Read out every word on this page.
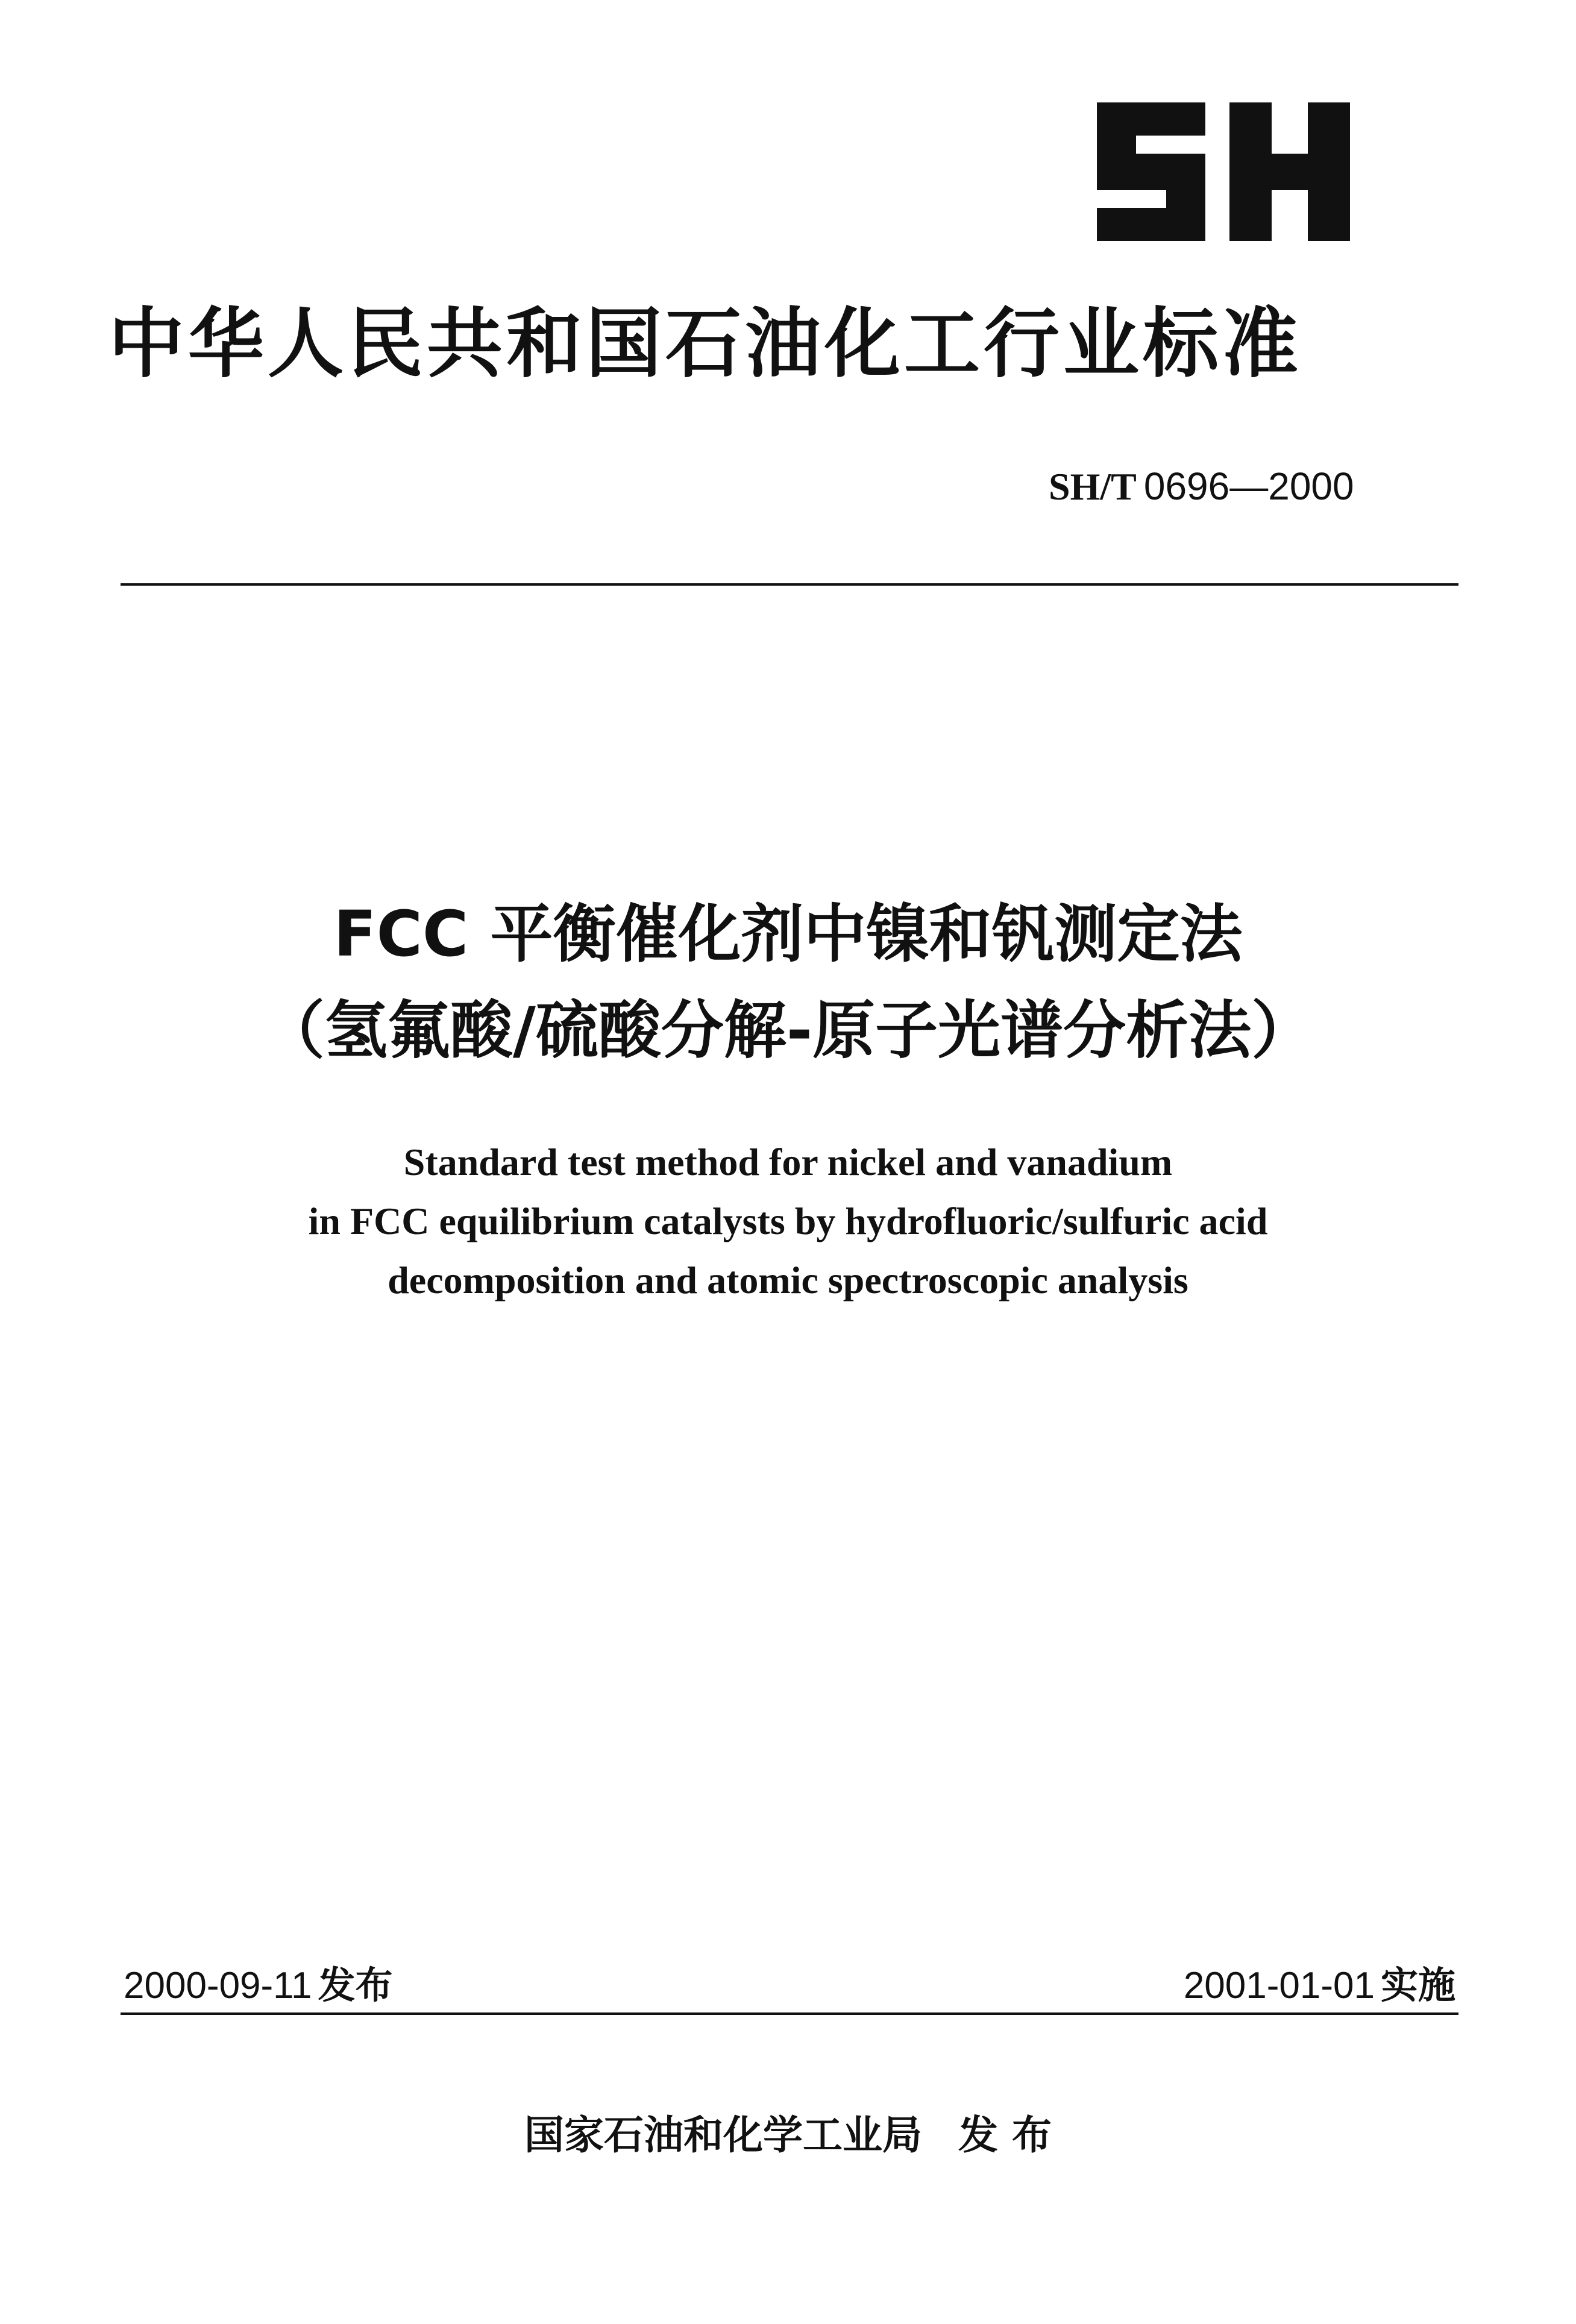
中华人民共和国石油化工行业标准
SH/T 0696—2000
FCC 平衡催化剂中镍和钒测定法
（氢氟酸/硫酸分解-原子光谱分析法）
Standard test method for nickel and vanadium
in FCC equilibrium catalysts by hydrofluoric/sulfuric acid
decomposition and atomic spectroscopic analysis
2000-09-11 发布	2001-01-01 实施
国家石油和化学工业局 发 布
